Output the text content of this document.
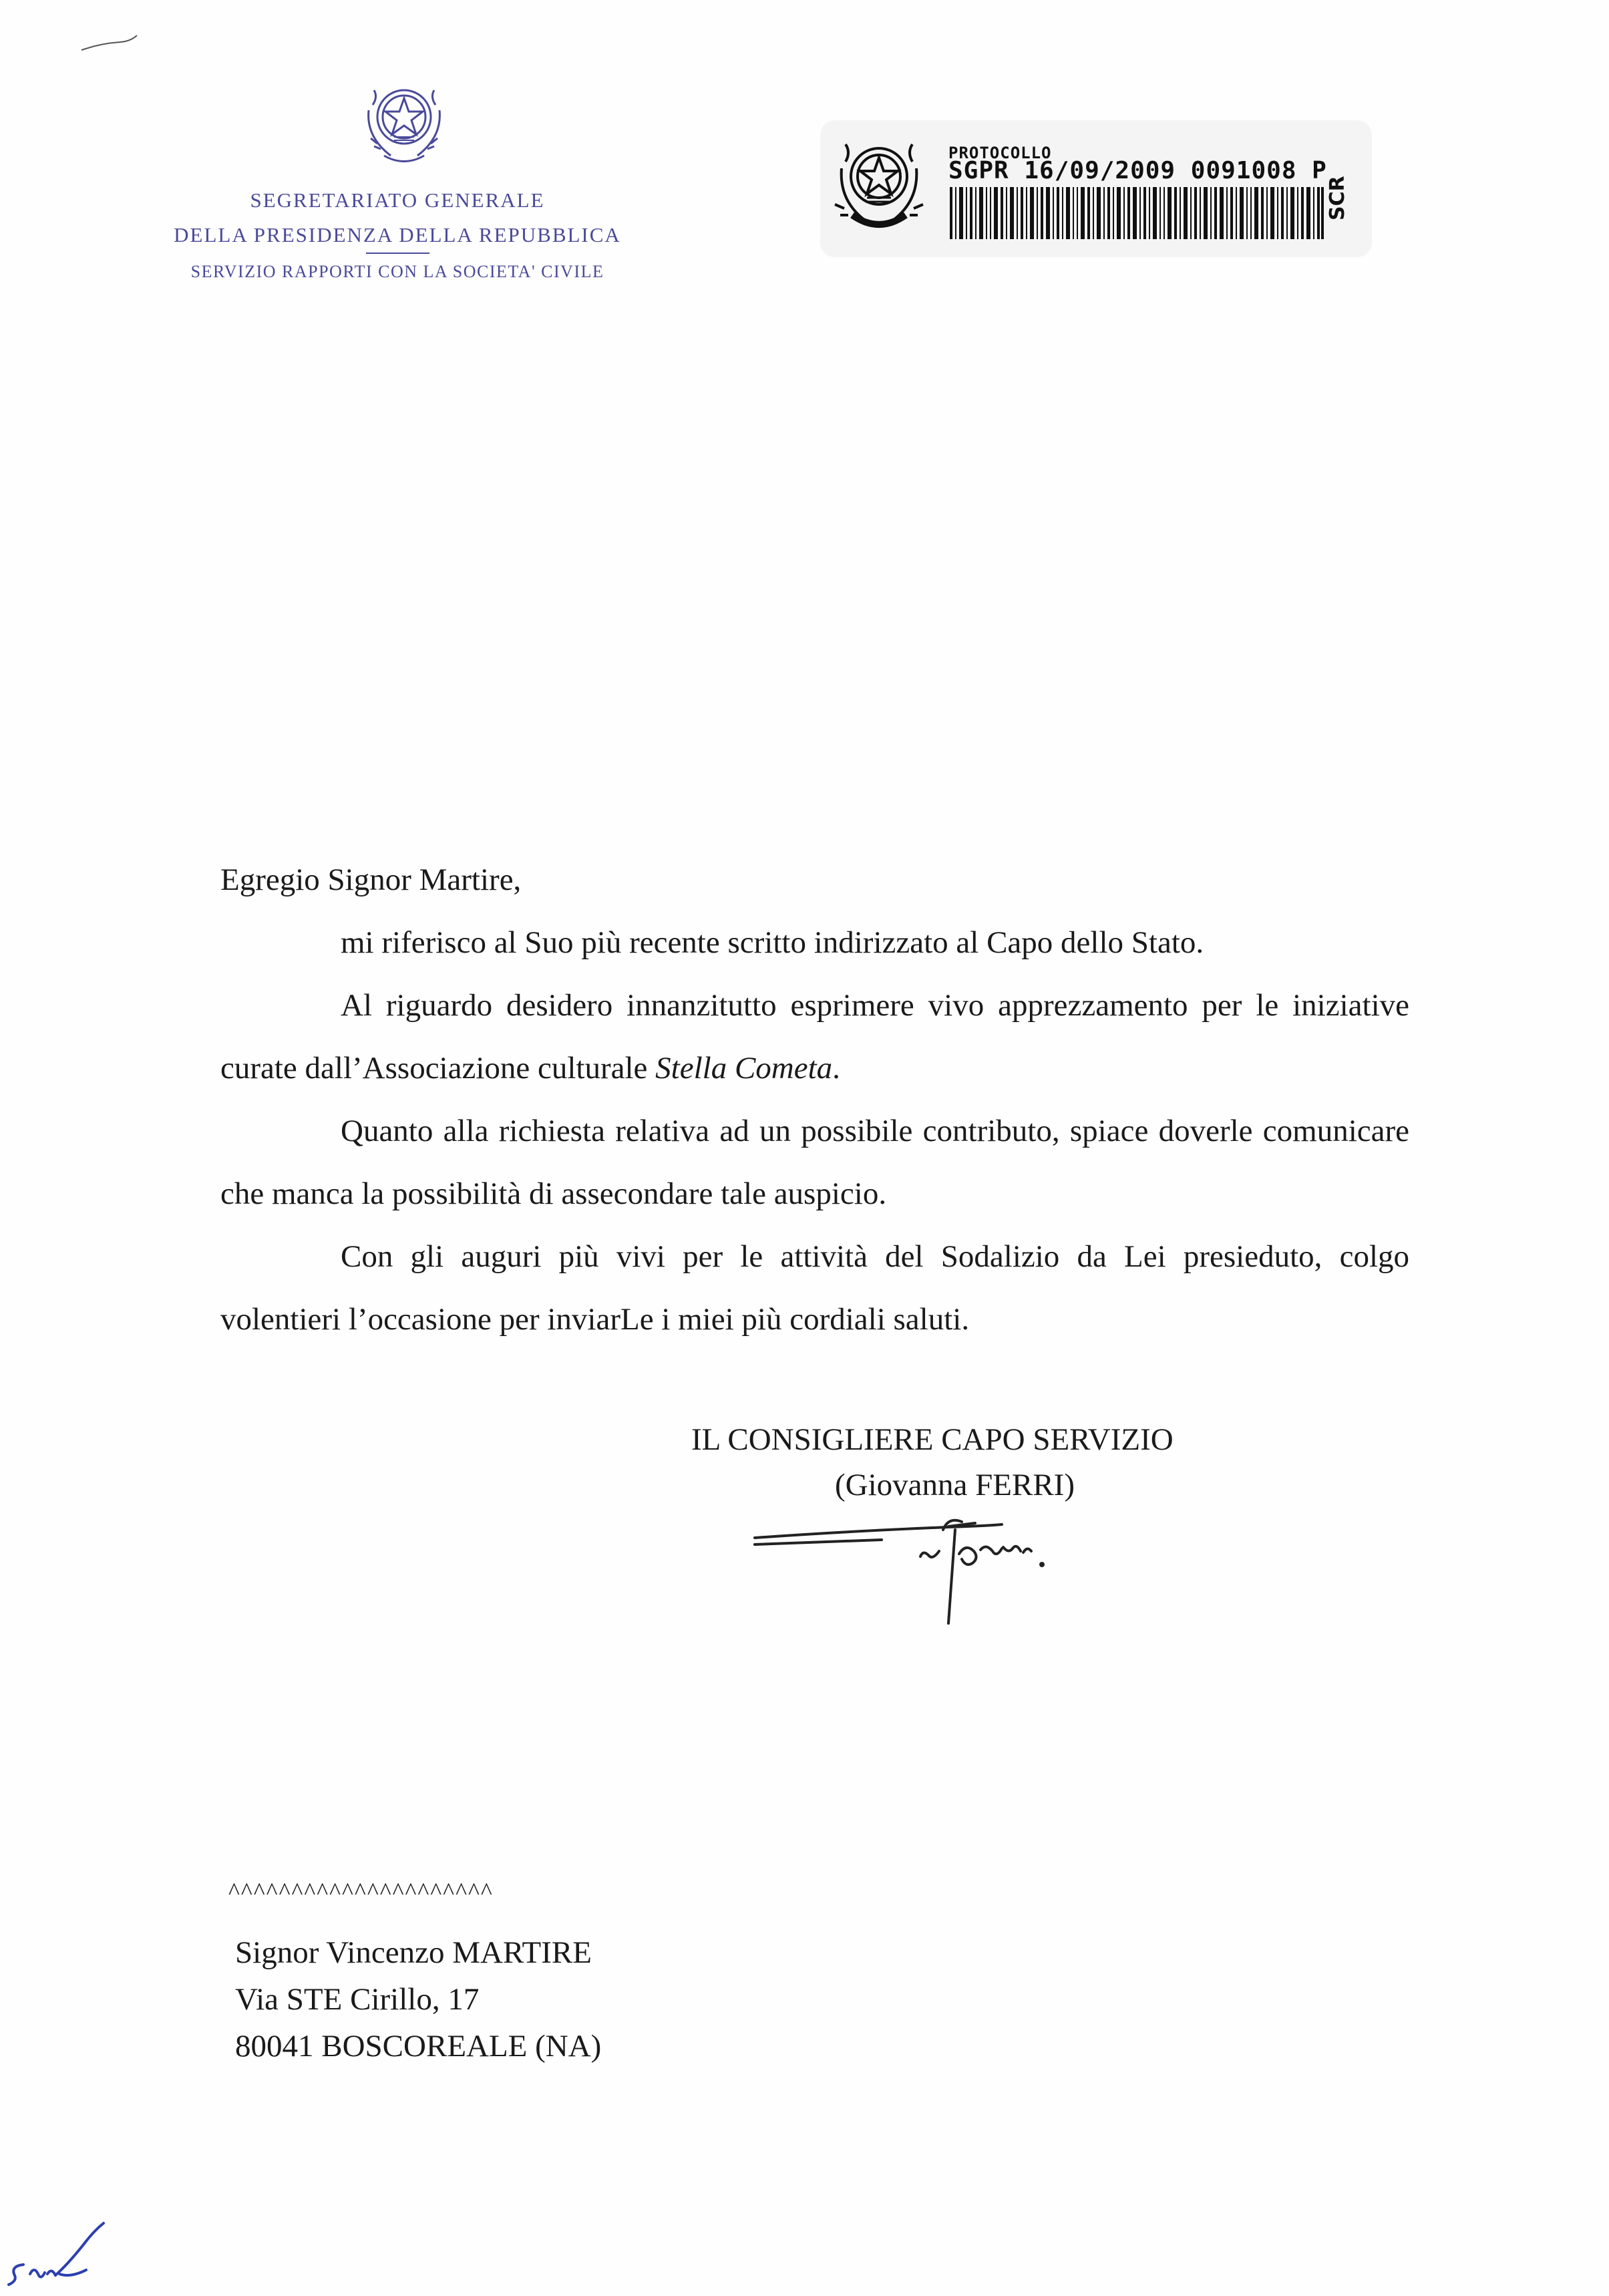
SEGRETARIATO GENERALE
DELLA PRESIDENZA DELLA REPUBBLICA
SERVIZIO RAPPORTI CON LA SOCIETA' CIVILE
PROTOCOLLO
SGPR 16/09/2009 0091008 P
SCR

Egregio Signor Martire,

mi riferisco al Suo più recente scritto indirizzato al Capo dello Stato.

Al riguardo desidero innanzitutto esprimere vivo apprezzamento per le iniziative curate dall’Associazione culturale Stella Cometa.

Quanto alla richiesta relativa ad un possibile contributo, spiace doverle comunicare che manca la possibilità di assecondare tale auspicio.

Con gli auguri più vivi per le attività del Sodalizio da Lei presieduto, colgo volentieri l’occasione per inviarLe i miei più cordiali saluti.

IL CONSIGLIERE CAPO SERVIZIO
(Giovanna FERRI)
^^^^^^^^^^^^^^^^^^^^^
Signor Vincenzo MARTIRE
Via STE Cirillo, 17
80041 BOSCOREALE (NA)
